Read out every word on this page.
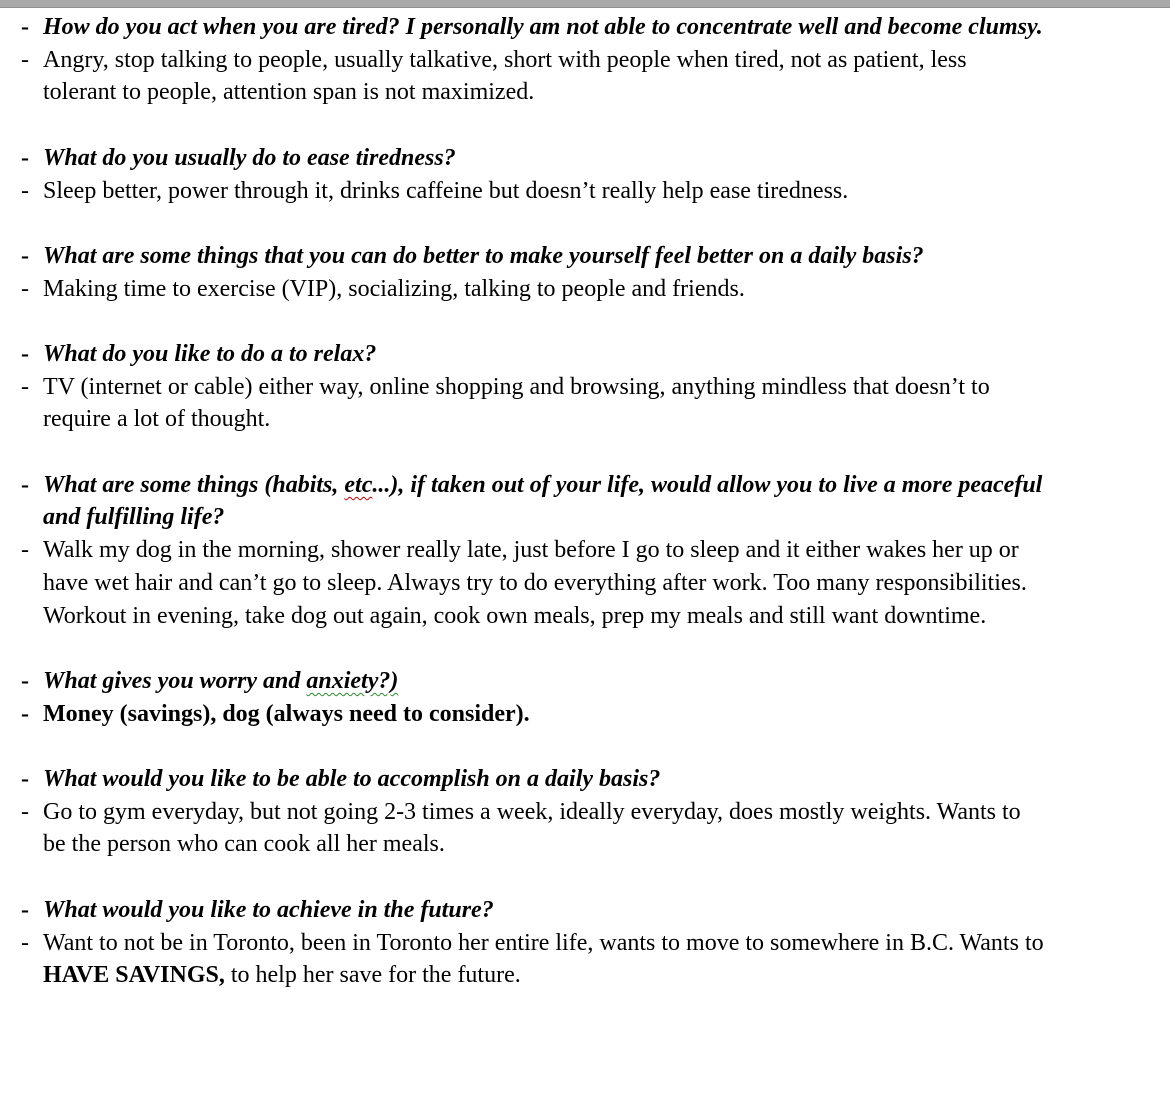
- How do you act when you are tired? I personally am not able to concentrate well and become clumsy.
- Angry, stop talking to people, usually talkative, short with people when tired, not as patient, less tolerant to people, attention span is not maximized.
- What do you usually do to ease tiredness?
- Sleep better, power through it, drinks caffeine but doesn’t really help ease tiredness.
- What are some things that you can do better to make yourself feel better on a daily basis?
- Making time to exercise (VIP), socializing, talking to people and friends.
- What do you like to do a to relax?
- TV (internet or cable) either way, online shopping and browsing, anything mindless that doesn’t to require a lot of thought.
- What are some things (habits, etc...), if taken out of your life, would allow you to live a more peaceful and fulfilling life?
- Walk my dog in the morning, shower really late, just before I go to sleep and it either wakes her up or have wet hair and can’t go to sleep. Always try to do everything after work. Too many responsibilities. Workout in evening, take dog out again, cook own meals, prep my meals and still want downtime.
- What gives you worry and anxiety?)
- Money (savings), dog (always need to consider).
- What would you like to be able to accomplish on a daily basis?
- Go to gym everyday, but not going 2-3 times a week, ideally everyday, does mostly weights. Wants to be the person who can cook all her meals.
- What would you like to achieve in the future?
- Want to not be in Toronto, been in Toronto her entire life, wants to move to somewhere in B.C. Wants to HAVE SAVINGS, to help her save for the future.
